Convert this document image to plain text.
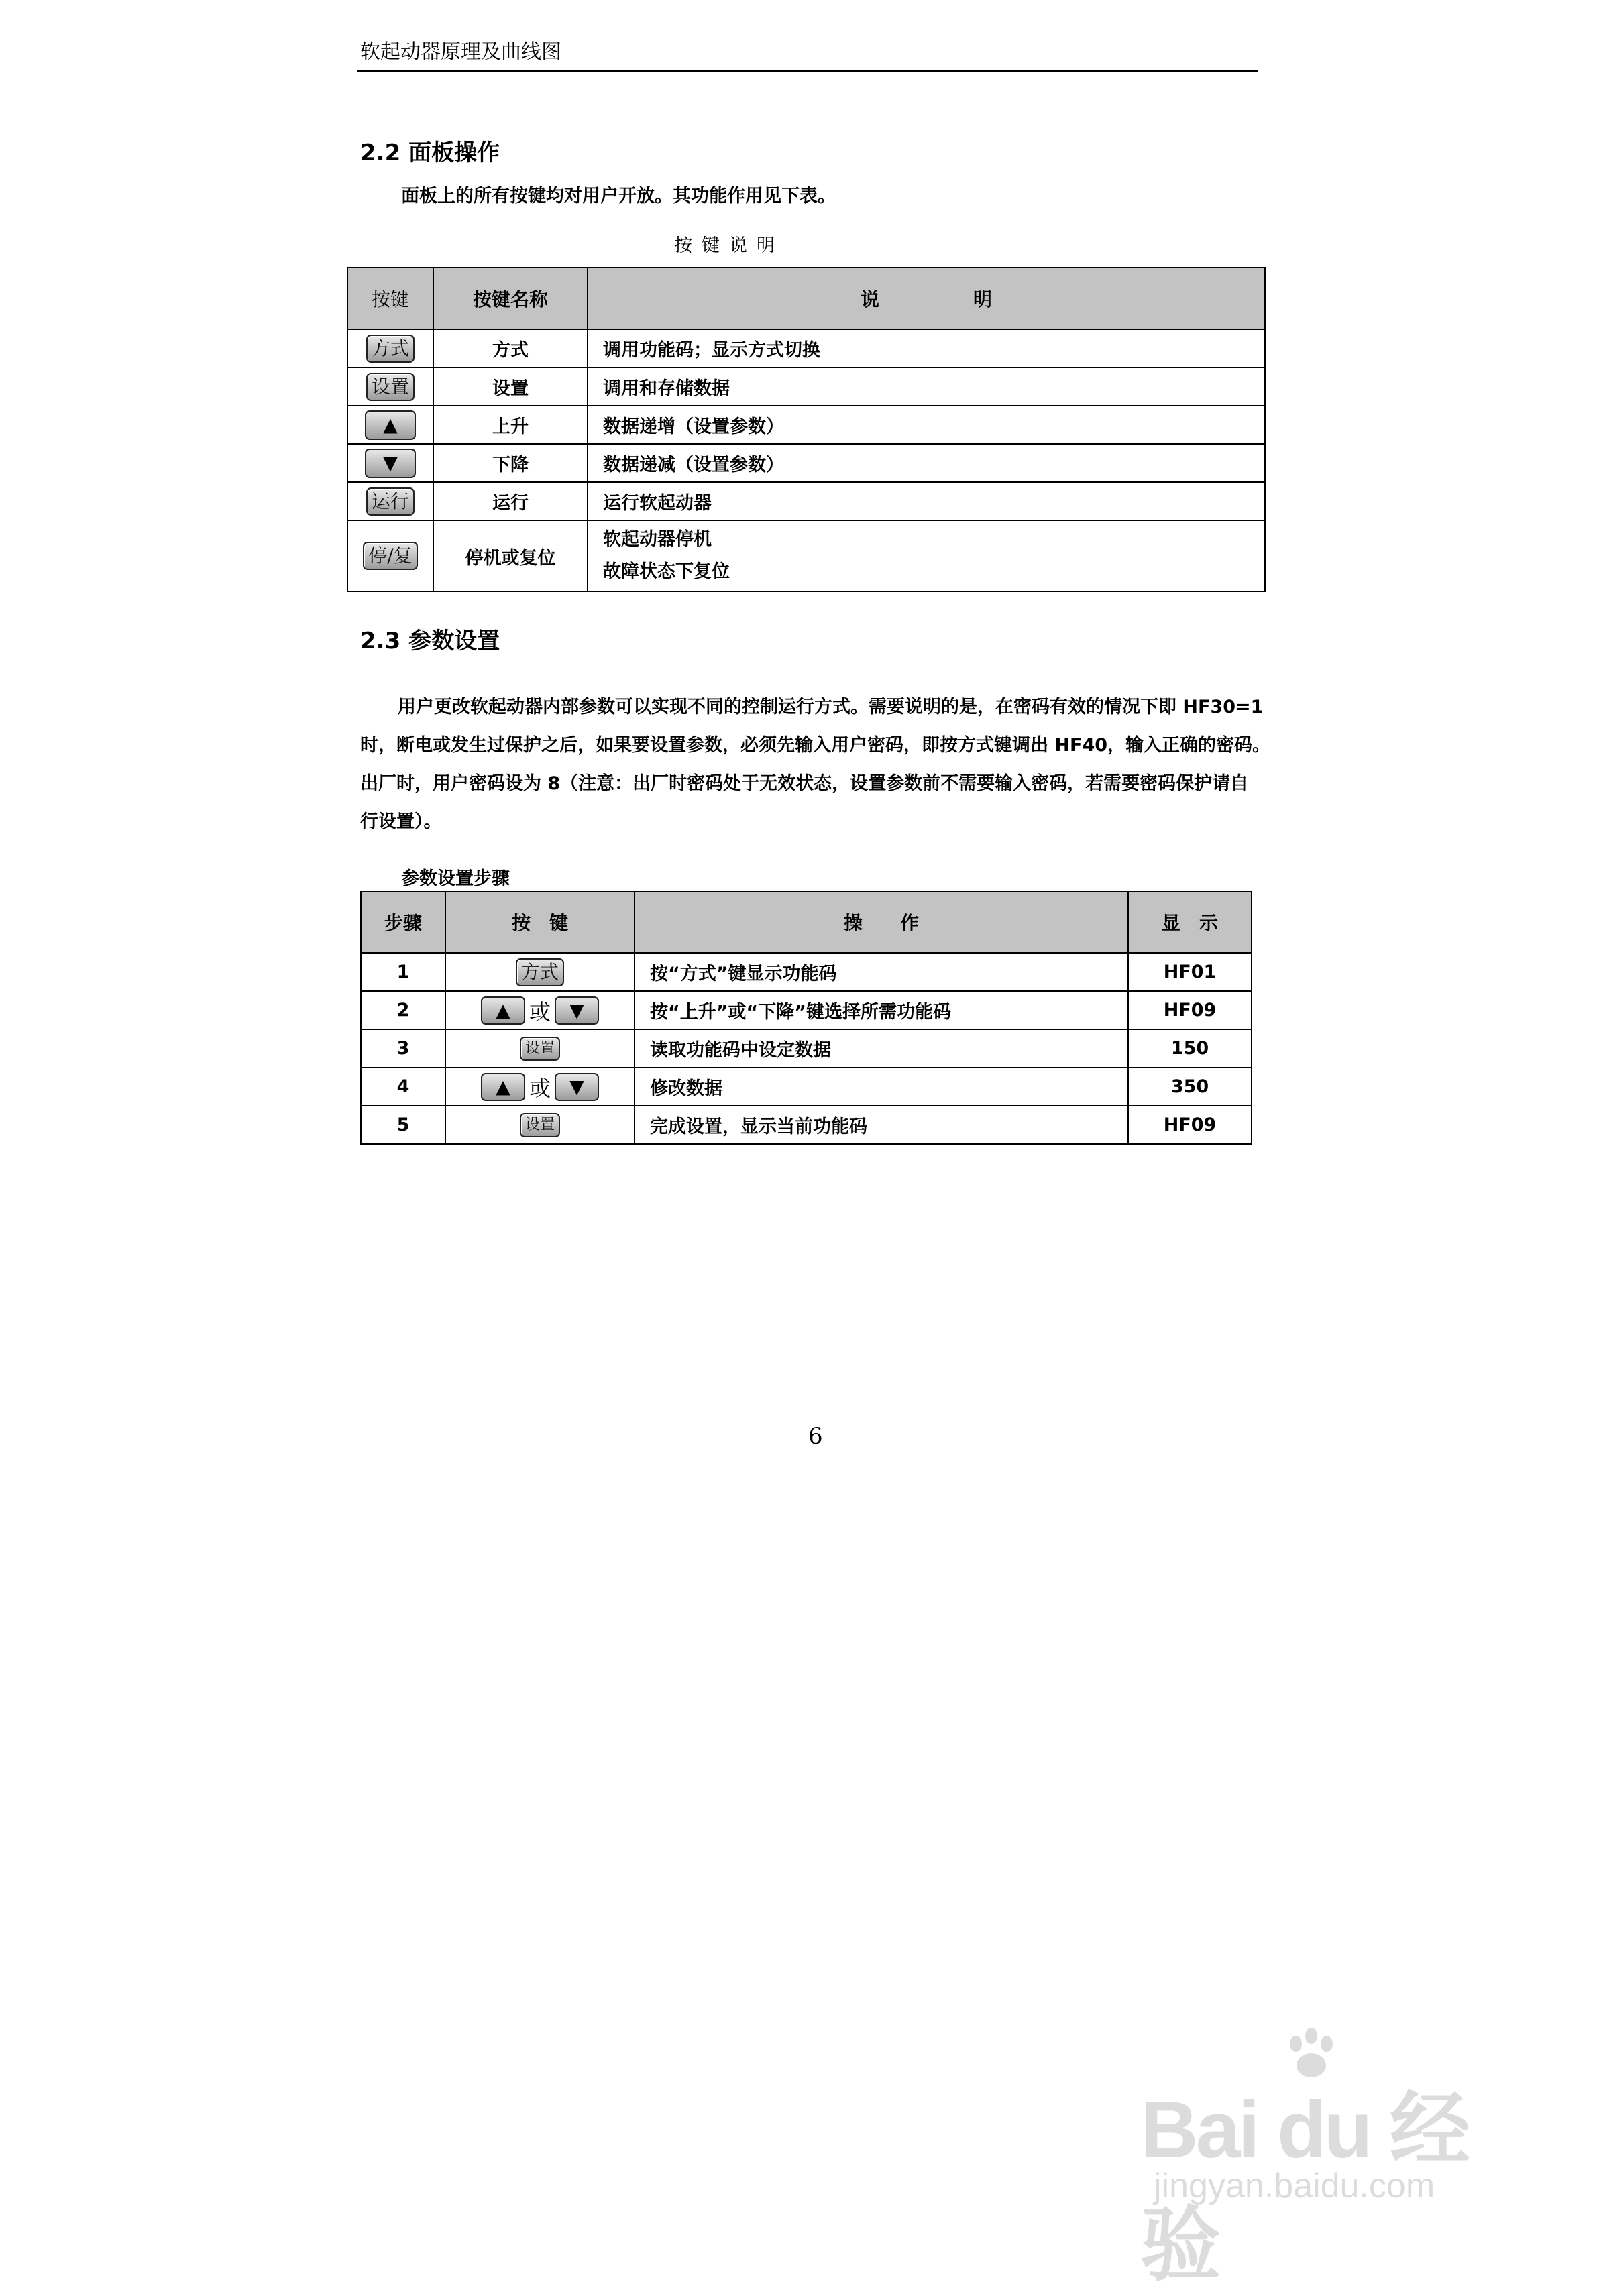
软起动器原理及曲线图
2.2 面板操作
面板上的所有按键均对用户开放。其功能作用见下表。
按键说明
按键	按键名称	说　　　　　明
方式	方式	调用功能码；显示方式切换
设置	设置	调用和存储数据
▲	上升	数据递增（设置参数）
▼	下降	数据递减（设置参数）
运行	运行	运行软起动器
停/复	停机或复位	软起动器停机
故障状态下复位
2.3 参数设置
用户更改软起动器内部参数可以实现不同的控制运行方式。需要说明的是，在密码有效的情况下即 HF30=1
时，断电或发生过保护之后，如果要设置参数，必须先输入用户密码，即按方式键调出 HF40，输入正确的密码。
出厂时，用户密码设为 8（注意：出厂时密码处于无效状态，设置参数前不需要输入密码，若需要密码保护请自
行设置）。
参数设置步骤
步骤	按　键	操　　作	显　示
1	方式	按“方式”键显示功能码	HF01
2	▲ 或 ▼	按“上升”或“下降”键选择所需功能码	HF09
3	设置	读取功能码中设定数据	150
4	▲ 或 ▼	修改数据	350
5	设置	完成设置，显示当前功能码	HF09
6
Bai du 经验
jingyan.baidu.com
